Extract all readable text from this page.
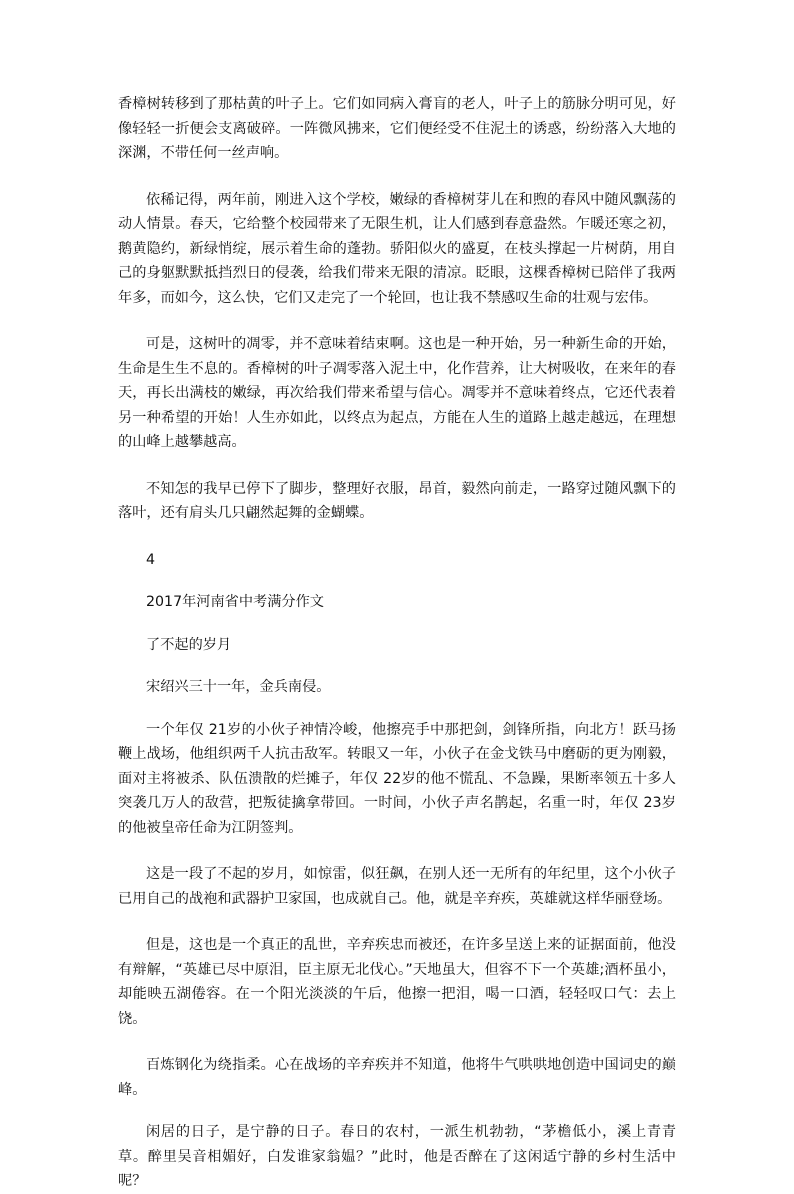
香樟树转移到了那枯黄的叶子上。它们如同病入膏肓的老人，叶子上的筋脉分明可见，好像轻轻一折便会支离破碎。一阵微风拂来，它们便经受不住泥土的诱惑，纷纷落入大地的深渊，不带任何一丝声响。

依稀记得，两年前，刚进入这个学校，嫩绿的香樟树芽儿在和煦的春风中随风飘荡的动人情景。春天，它给整个校园带来了无限生机，让人们感到春意盎然。乍暖还寒之初，鹅黄隐约，新绿悄绽，展示着生命的蓬勃。骄阳似火的盛夏，在枝头撑起一片树荫，用自己的身躯默默抵挡烈日的侵袭，给我们带来无限的清凉。眨眼，这棵香樟树已陪伴了我两年多，而如今，这么快，它们又走完了一个轮回，也让我不禁感叹生命的壮观与宏伟。

可是，这树叶的凋零，并不意味着结束啊。这也是一种开始，另一种新生命的开始，生命是生生不息的。香樟树的叶子凋零落入泥土中，化作营养，让大树吸收，在来年的春天，再长出满枝的嫩绿，再次给我们带来希望与信心。凋零并不意味着终点，它还代表着另一种希望的开始！人生亦如此，以终点为起点，方能在人生的道路上越走越远，在理想的山峰上越攀越高。

不知怎的我早已停下了脚步，整理好衣服，昂首，毅然向前走，一路穿过随风飘下的落叶，还有肩头几只翩然起舞的金蝴蝶。

4

2017年河南省中考满分作文

了不起的岁月

宋绍兴三十一年，金兵南侵。

一个年仅 21岁的小伙子神情冷峻，他擦亮手中那把剑，剑锋所指，向北方！跃马扬鞭上战场，他组织两千人抗击敌军。转眼又一年，小伙子在金戈铁马中磨砺的更为刚毅，面对主将被杀、队伍溃散的烂摊子，年仅 22岁的他不慌乱、不急躁，果断率领五十多人突袭几万人的敌营，把叛徒擒拿带回。一时间，小伙子声名鹊起，名重一时，年仅 23岁的他被皇帝任命为江阴签判。

这是一段了不起的岁月，如惊雷，似狂飙，在别人还一无所有的年纪里，这个小伙子已用自己的战袍和武器护卫家国，也成就自己。他，就是辛弃疾，英雄就这样华丽登场。

但是，这也是一个真正的乱世，辛弃疾忠而被还，在许多呈送上来的证据面前，他没有辩解，“英雄已尽中原泪，臣主原无北伐心。”天地虽大，但容不下一个英雄;酒杯虽小，却能映五湖倦容。在一个阳光淡淡的午后，他擦一把泪，喝一口酒，轻轻叹口气：去上饶。

百炼钢化为绕指柔。心在战场的辛弃疾并不知道，他将牛气哄哄地创造中国词史的巅峰。

闲居的日子，是宁静的日子。春日的农村，一派生机勃勃，“茅檐低小，溪上青青草。醉里吴音相媚好，白发谁家翁媪？”此时，他是否醉在了这闲适宁静的乡村生活中呢？
